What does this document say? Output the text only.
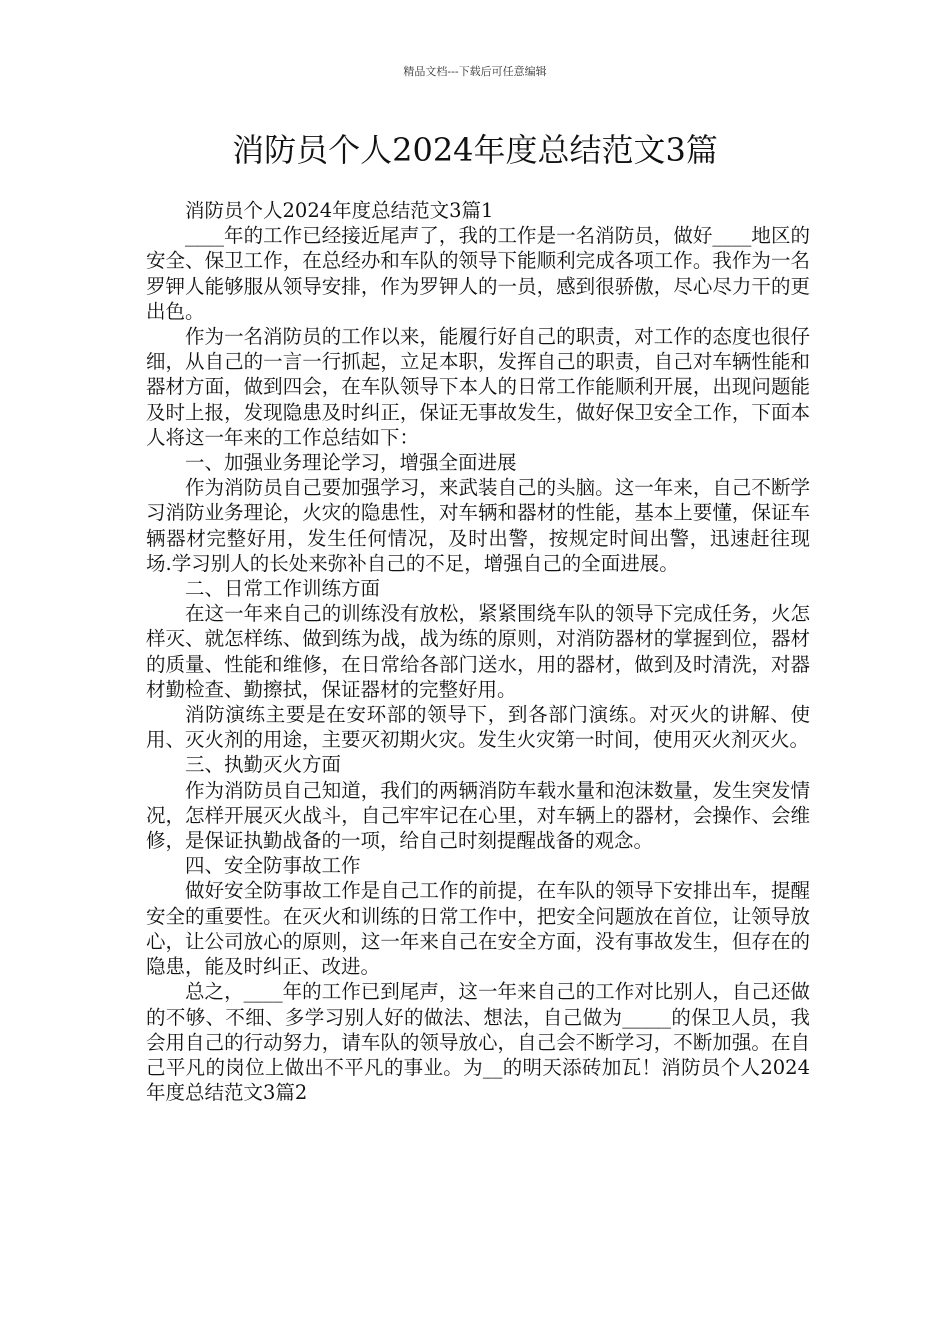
精品文档---下载后可任意编辑
消防员个人2024年度总结范文3篇

消防员个人2024年度总结范文3篇1

____年的工作已经接近尾声了，我的工作是一名消防员，做好____地区的安全、保卫工作，在总经办和车队的领导下能顺利完成各项工作。我作为一名罗钾人能够服从领导安排，作为罗钾人的一员，感到很骄傲，尽心尽力干的更出色。

作为一名消防员的工作以来，能履行好自己的职责，对工作的态度也很仔细，从自己的一言一行抓起，立足本职，发挥自己的职责，自己对车辆性能和器材方面，做到四会，在车队领导下本人的日常工作能顺利开展，出现问题能及时上报，发现隐患及时纠正，保证无事故发生，做好保卫安全工作，下面本人将这一年来的工作总结如下：

一、加强业务理论学习，增强全面进展

作为消防员自己要加强学习，来武装自己的头脑。这一年来，自己不断学习消防业务理论，火灾的隐患性，对车辆和器材的性能，基本上要懂，保证车辆器材完整好用，发生任何情况，及时出警，按规定时间出警，迅速赶往现场.学习别人的长处来弥补自己的不足，增强自己的全面进展。

二、日常工作训练方面

在这一年来自己的训练没有放松，紧紧围绕车队的领导下完成任务，火怎样灭、就怎样练、做到练为战，战为练的原则，对消防器材的掌握到位，器材的质量、性能和维修，在日常给各部门送水，用的器材，做到及时清洗，对器材勤检查、勤擦拭，保证器材的完整好用。

消防演练主要是在安环部的领导下，到各部门演练。对灭火的讲解、使用、灭火剂的用途，主要灭初期火灾。发生火灾第一时间，使用灭火剂灭火。

三、执勤灭火方面

作为消防员自己知道，我们的两辆消防车载水量和泡沫数量，发生突发情况，怎样开展灭火战斗，自己牢牢记在心里，对车辆上的器材，会操作、会维修，是保证执勤战备的一项，给自己时刻提醒战备的观念。

四、安全防事故工作

做好安全防事故工作是自己工作的前提，在车队的领导下安排出车，提醒安全的重要性。在灭火和训练的日常工作中，把安全问题放在首位，让领导放心，让公司放心的原则，这一年来自己在安全方面，没有事故发生，但存在的隐患，能及时纠正、改进。

总之，____年的工作已到尾声，这一年来自己的工作对比别人，自己还做的不够、不细、多学习别人好的做法、想法，自己做为_____的保卫人员，我会用自己的行动努力，请车队的领导放心，自己会不断学习，不断加强。在自己平凡的岗位上做出不平凡的事业。为__的明天添砖加瓦！消防员个人2024年度总结范文3篇2
